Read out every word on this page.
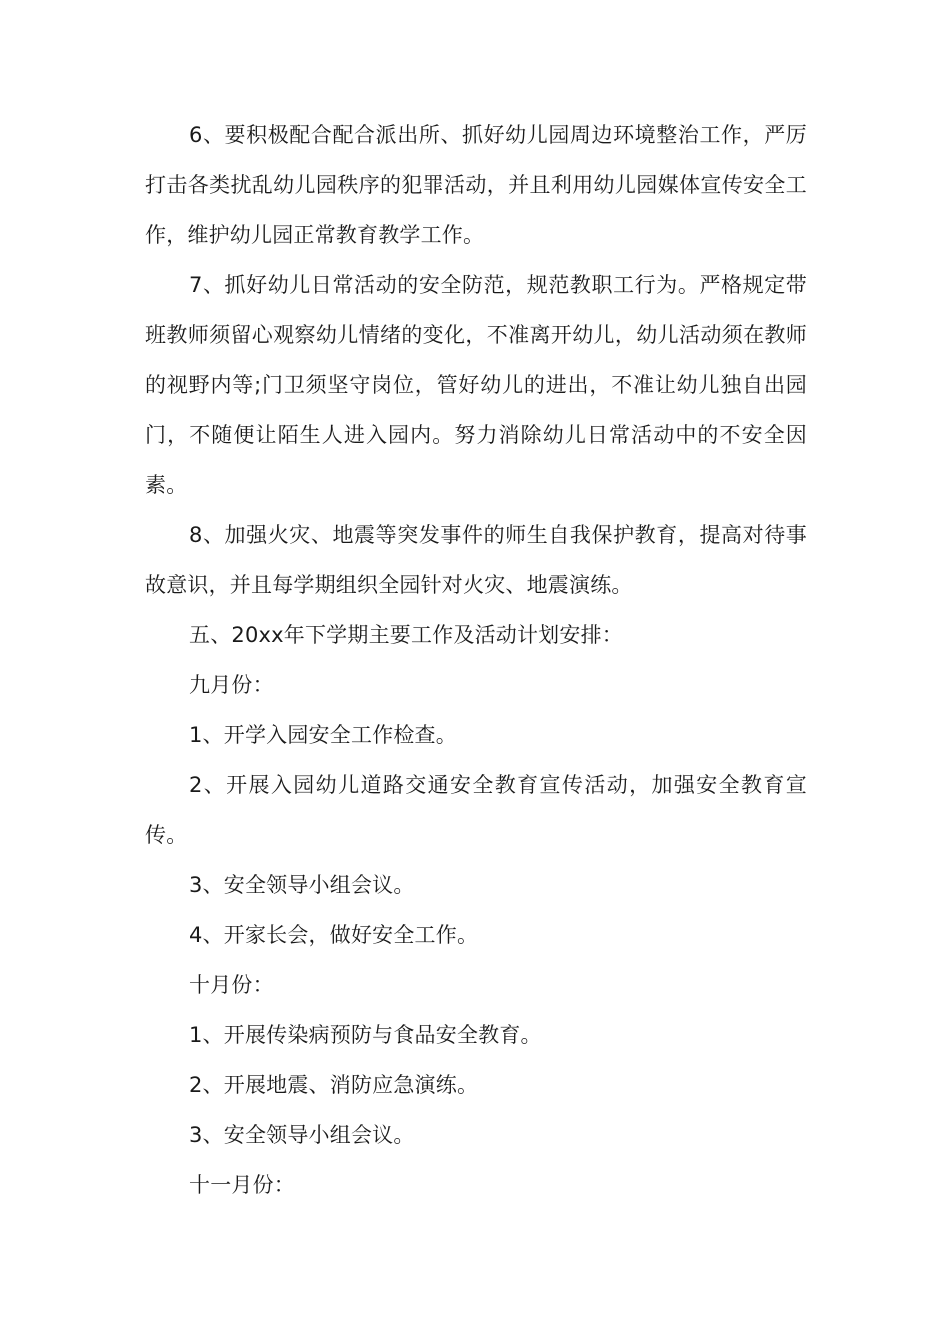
6、要积极配合配合派出所、抓好幼儿园周边环境整治工作，严厉打击各类扰乱幼儿园秩序的犯罪活动，并且利用幼儿园媒体宣传安全工作，维护幼儿园正常教育教学工作。

7、抓好幼儿日常活动的安全防范，规范教职工行为。严格规定带班教师须留心观察幼儿情绪的变化，不准离开幼儿，幼儿活动须在教师的视野内等;门卫须坚守岗位，管好幼儿的进出，不准让幼儿独自出园门，不随便让陌生人进入园内。努力消除幼儿日常活动中的不安全因素。

8、加强火灾、地震等突发事件的师生自我保护教育，提高对待事故意识，并且每学期组织全园针对火灾、地震演练。

五、20xx年下学期主要工作及活动计划安排：

九月份：

1、开学入园安全工作检查。

2、开展入园幼儿道路交通安全教育宣传活动，加强安全教育宣传。

3、安全领导小组会议。

4、开家长会，做好安全工作。

十月份：

1、开展传染病预防与食品安全教育。

2、开展地震、消防应急演练。

3、安全领导小组会议。

十一月份：
